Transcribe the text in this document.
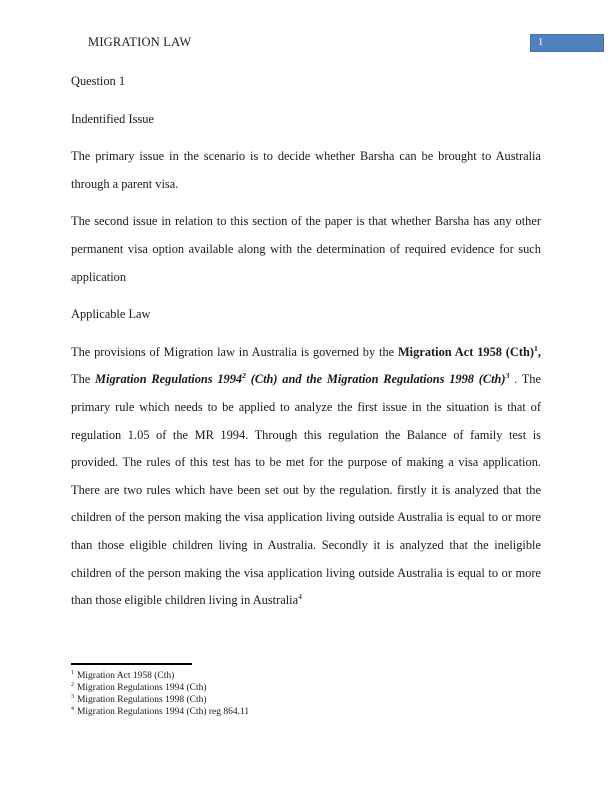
MIGRATION LAW	1

Question 1

Indentified Issue

The primary issue in the scenario is to decide whether Barsha can be brought to Australia through a parent visa.

The second issue in relation to this section of the paper is that whether Barsha has any other permanent visa option available along with the determination of required evidence for such application

Applicable Law

The provisions of Migration law in Australia is governed by the Migration Act 1958 (Cth)$^1$, The Migration Regulations 1994$^2$ (Cth) and the Migration Regulations 1998 (Cth)$^3$ . The primary rule which needs to be applied to analyze the first issue in the situation is that of regulation 1.05 of the MR 1994. Through this regulation the Balance of family test is provided. The rules of this test has to be met for the purpose of making a visa application. There are two rules which have been set out by the regulation. firstly it is analyzed that the children of the person making the visa application living outside Australia is equal to or more than those eligible children living in Australia. Secondly it is analyzed that the ineligible children of the person making the visa application living outside Australia is equal to or more than those eligible children living in Australia$^4$

$^1$ Migration Act 1958 (Cth)
$^2$ Migration Regulations 1994 (Cth)
$^3$ Migration Regulations 1998 (Cth)
$^4$ Migration Regulations 1994 (Cth) reg 864.11
